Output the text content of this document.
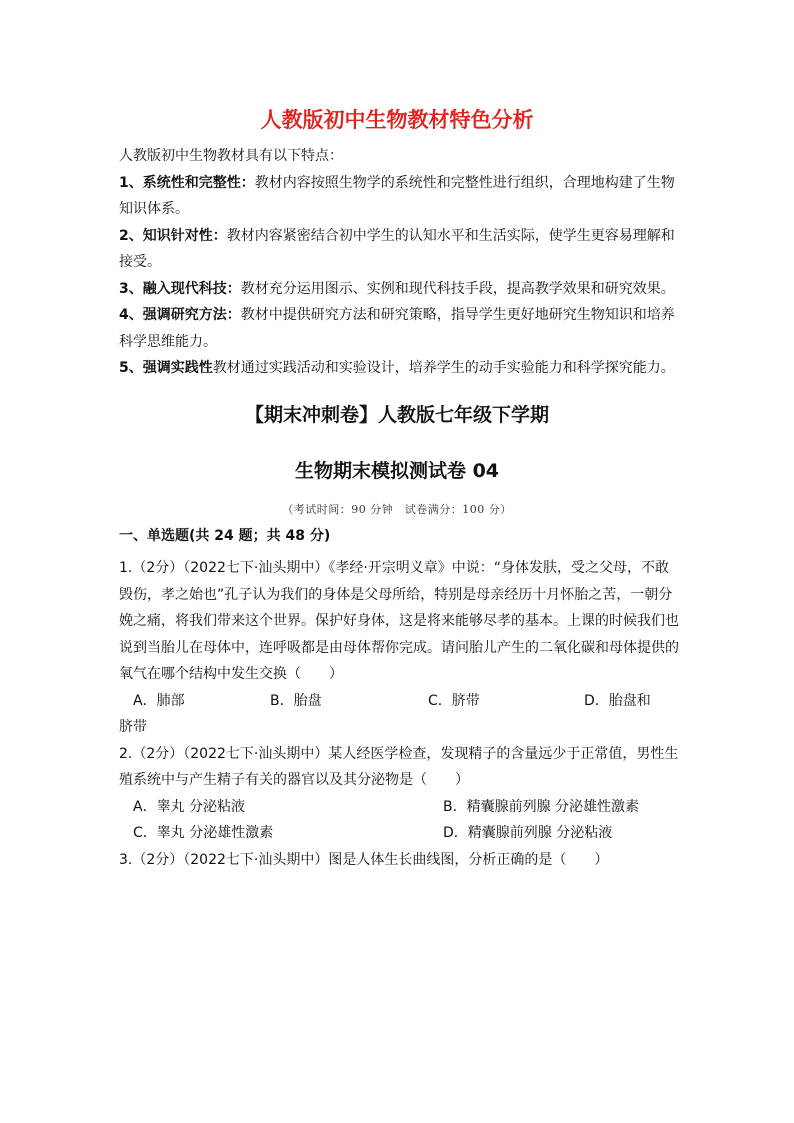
人教版初中生物教材特色分析

人教版初中生物教材具有以下特点：

1、系统性和完整性：教材内容按照生物学的系统性和完整性进行组织，合理地构建了生物

知识体系。

2、知识针对性：教材内容紧密结合初中学生的认知水平和生活实际，使学生更容易理解和

接受。

3、融入现代科技：教材充分运用图示、实例和现代科技手段，提高教学效果和研究效果。

4、强调研究方法：教材中提供研究方法和研究策略，指导学生更好地研究生物知识和培养

科学思维能力。

5、强调实践性教材通过实践活动和实验设计，培养学生的动手实验能力和科学探究能力。

【期末冲刺卷】人教版七年级下学期
生物期末模拟测试卷 04
（考试时间：90 分钟　试卷满分：100 分）
一、单选题(共 24 题；共 48 分)

1.（2分）（2022七下·汕头期中）《孝经·开宗明义章》中说：“身体发肤，受之父母，不敢

毁伤，孝之始也”孔子认为我们的身体是父母所给，特别是母亲经历十月怀胎之苦，一朝分

娩之痛，将我们带来这个世界。保护好身体，这是将来能够尽孝的基本。上课的时候我们也

说到当胎儿在母体中，连呼吸都是由母体帮你完成。请问胎儿产生的二氧化碳和母体提供的

氧气在哪个结构中发生交换（　　）

A．肺部	B．胎盘	C．脐带	D．胎盘和

脐带

2.（2分）（2022七下·汕头期中）某人经医学检查，发现精子的含量远少于正常值，男性生

殖系统中与产生精子有关的器官以及其分泌物是（　　）

A．睾丸 分泌粘液	B．精囊腺前列腺 分泌雄性激素
C．睾丸 分泌雄性激素	D．精囊腺前列腺 分泌粘液

3.（2分）（2022七下·汕头期中）图是人体生长曲线图，分析正确的是（　　）
